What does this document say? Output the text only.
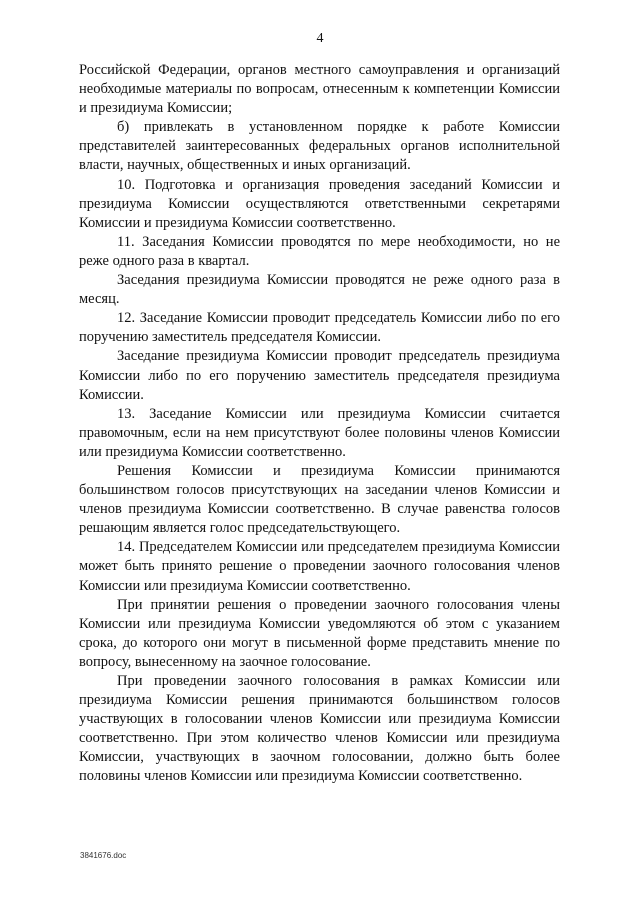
4

Российской Федерации, органов местного самоуправления и организаций необходимые материалы по вопросам, отнесенным к компетенции Комиссии и президиума Комиссии;

б) привлекать в установленном порядке к работе Комиссии представителей заинтересованных федеральных органов исполнительной власти, научных, общественных и иных организаций.

10. Подготовка и организация проведения заседаний Комиссии и президиума Комиссии осуществляются ответственными секретарями Комиссии и президиума Комиссии соответственно.

11. Заседания Комиссии проводятся по мере необходимости, но не реже одного раза в квартал.

Заседания президиума Комиссии проводятся не реже одного раза в месяц.

12. Заседание Комиссии проводит председатель Комиссии либо по его поручению заместитель председателя Комиссии.

Заседание президиума Комиссии проводит председатель президиума Комиссии либо по его поручению заместитель председателя президиума Комиссии.

13. Заседание Комиссии или президиума Комиссии считается правомочным, если на нем присутствуют более половины членов Комиссии или президиума Комиссии соответственно.

Решения Комиссии и президиума Комиссии принимаются большинством голосов присутствующих на заседании членов Комиссии и членов президиума Комиссии соответственно. В случае равенства голосов решающим является голос председательствующего.

14. Председателем Комиссии или председателем президиума Комиссии может быть принято решение о проведении заочного голосования членов Комиссии или президиума Комиссии соответственно.

При принятии решения о проведении заочного голосования члены Комиссии или президиума Комиссии уведомляются об этом с указанием срока, до которого они могут в письменной форме представить мнение по вопросу, вынесенному на заочное голосование.

При проведении заочного голосования в рамках Комиссии или президиума Комиссии решения принимаются большинством голосов участвующих в голосовании членов Комиссии или президиума Комиссии соответственно. При этом количество членов Комиссии или президиума Комиссии, участвующих в заочном голосовании, должно быть более половины членов Комиссии или президиума Комиссии соответственно.

3841676.doc
